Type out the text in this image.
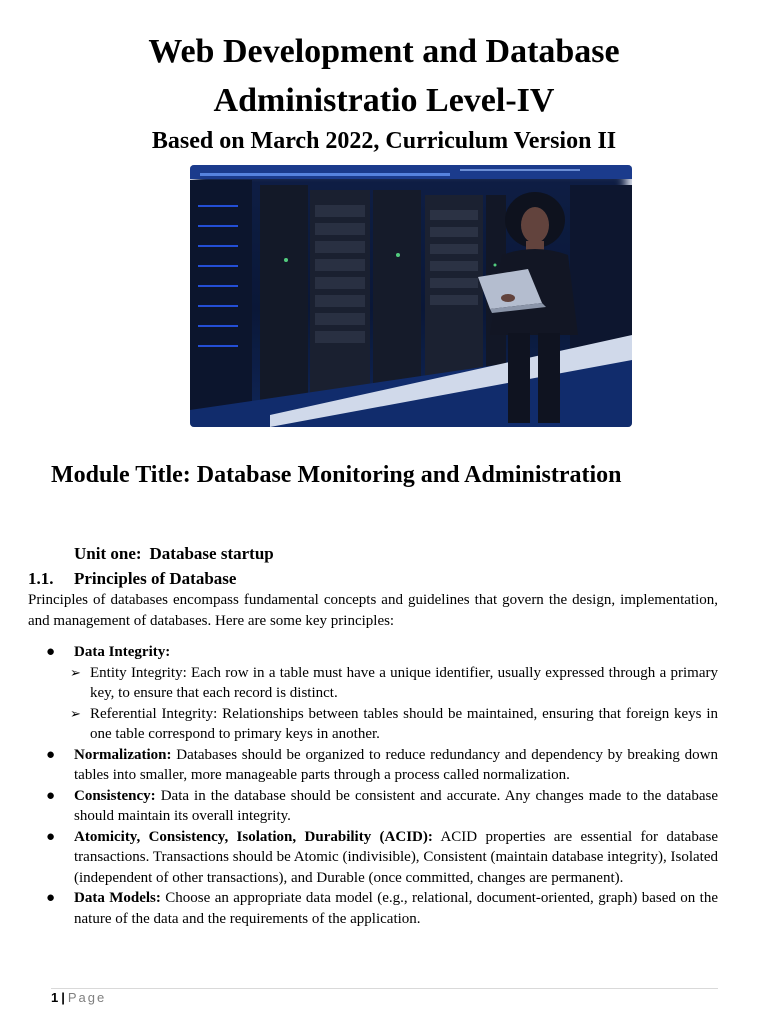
Web Development and Database
Administratio Level-IV
Based on March 2022, Curriculum Version II
Module Title: Database Monitoring and Administration
Unit one: Database startup
1.1. Principles of Database
Principles of databases encompass fundamental concepts and guidelines that govern the design, implementation, and management of databases. Here are some key principles:
● Data Integrity:
➢ Entity Integrity: Each row in a table must have a unique identifier, usually expressed through a primary key, to ensure that each record is distinct.
➢ Referential Integrity: Relationships between tables should be maintained, ensuring that foreign keys in one table correspond to primary keys in another.
● Normalization: Databases should be organized to reduce redundancy and dependency by breaking down tables into smaller, more manageable parts through a process called normalization.
● Consistency: Data in the database should be consistent and accurate. Any changes made to the database should maintain its overall integrity.
● Atomicity, Consistency, Isolation, Durability (ACID): ACID properties are essential for database transactions. Transactions should be Atomic (indivisible), Consistent (maintain database integrity), Isolated (independent of other transactions), and Durable (once committed, changes are permanent).
● Data Models: Choose an appropriate data model (e.g., relational, document-oriented, graph) based on the nature of the data and the requirements of the application.
1 | Page
